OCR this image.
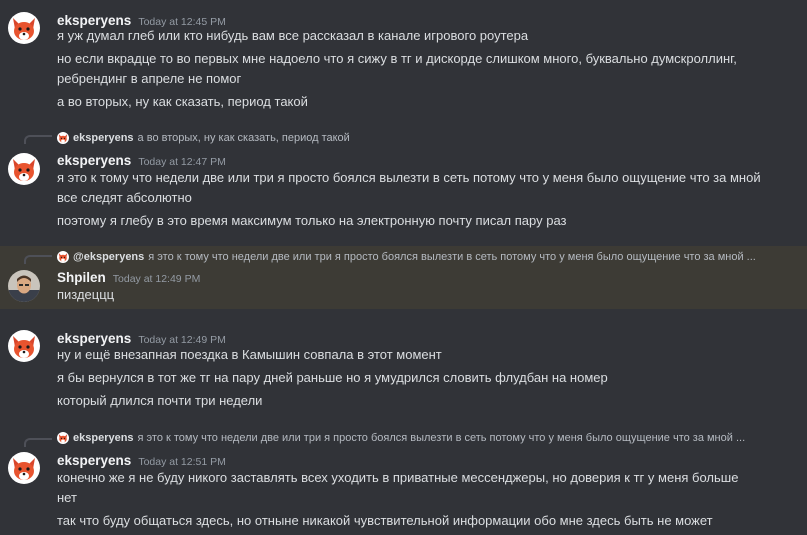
eksperyens Today at 12:45 PM
я уж думал глеб или кто нибудь вам все рассказал в канале игрового роутера
но если вкрадце то во первых мне надоело что я сижу в тг и дискорде слишком много, буквально думскроллинг,
ребрендинг в апреле не помог
а во вторых, ну как сказать, период такой
eksperyens а во вторых, ну как сказать, период такой
eksperyens Today at 12:47 PM
я это к тому что недели две или три я просто боялся вылезти в сеть потому что у меня было ощущение что за мной
все следят абсолютно
поэтому я глебу в это время максимум только на электронную почту писал пару раз
@eksperyens я это к тому что недели две или три я просто боялся вылезти в сеть потому что у меня было ощущение что за мной ...
Shpilen Today at 12:49 PM
пиздеццц
eksperyens Today at 12:49 PM
ну и ещё внезапная поездка в Камышин совпала в этот момент
я бы вернулся в тот же тг на пару дней раньше но я умудрился словить флудбан на номер
который длился почти три недели
eksperyens я это к тому что недели две или три я просто боялся вылезти в сеть потому что у меня было ощущение что за мной ...
eksperyens Today at 12:51 PM
конечно же я не буду никого заставлять всех уходить в приватные мессенджеры, но доверия к тг у меня больше
нет
так что буду общаться здесь, но отныне никакой чувствительной информации обо мне здесь быть не может
